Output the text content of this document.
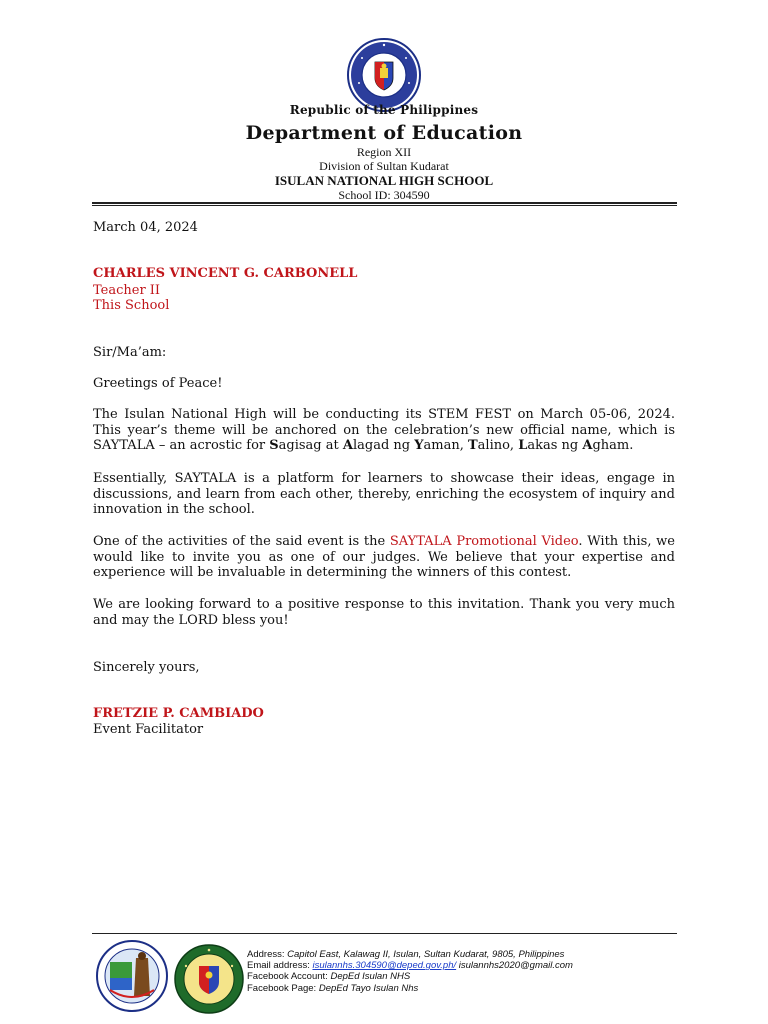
Republic of the Philippines
Department of Education
Region XII
Division of Sultan Kudarat
ISULAN NATIONAL HIGH SCHOOL
School ID: 304590
March 04, 2024
CHARLES VINCENT G. CARBONELL
Teacher II
This School
Sir/Ma’am:
Greetings of Peace!
The Isulan National High will be conducting its STEM FEST on March 05-06, 2024. This year’s theme will be anchored on the celebration’s new official name, which is SAYTALA – an acrostic for Sagisag at Alagad ng Yaman, Talino, Lakas ng Agham.
Essentially, SAYTALA is a platform for learners to showcase their ideas, engage in discussions, and learn from each other, thereby, enriching the ecosystem of inquiry and innovation in the school.
One of the activities of the said event is the SAYTALA Promotional Video. With this, we would like to invite you as one of our judges. We believe that your expertise and experience will be invaluable in determining the winners of this contest.
We are looking forward to a positive response to this invitation. Thank you very much and may the LORD bless you!
Sincerely yours,
FRETZIE P. CAMBIADO
Event Facilitator
Address: Capitol East, Kalawag II, Isulan, Sultan Kudarat, 9805, Philippines
Email address: isulannhs.304590@deped.gov.ph/ isulannhs2020@gmail.com
Facebook Account: DepEd Isulan NHS
Facebook Page: DepEd Tayo Isulan Nhs
